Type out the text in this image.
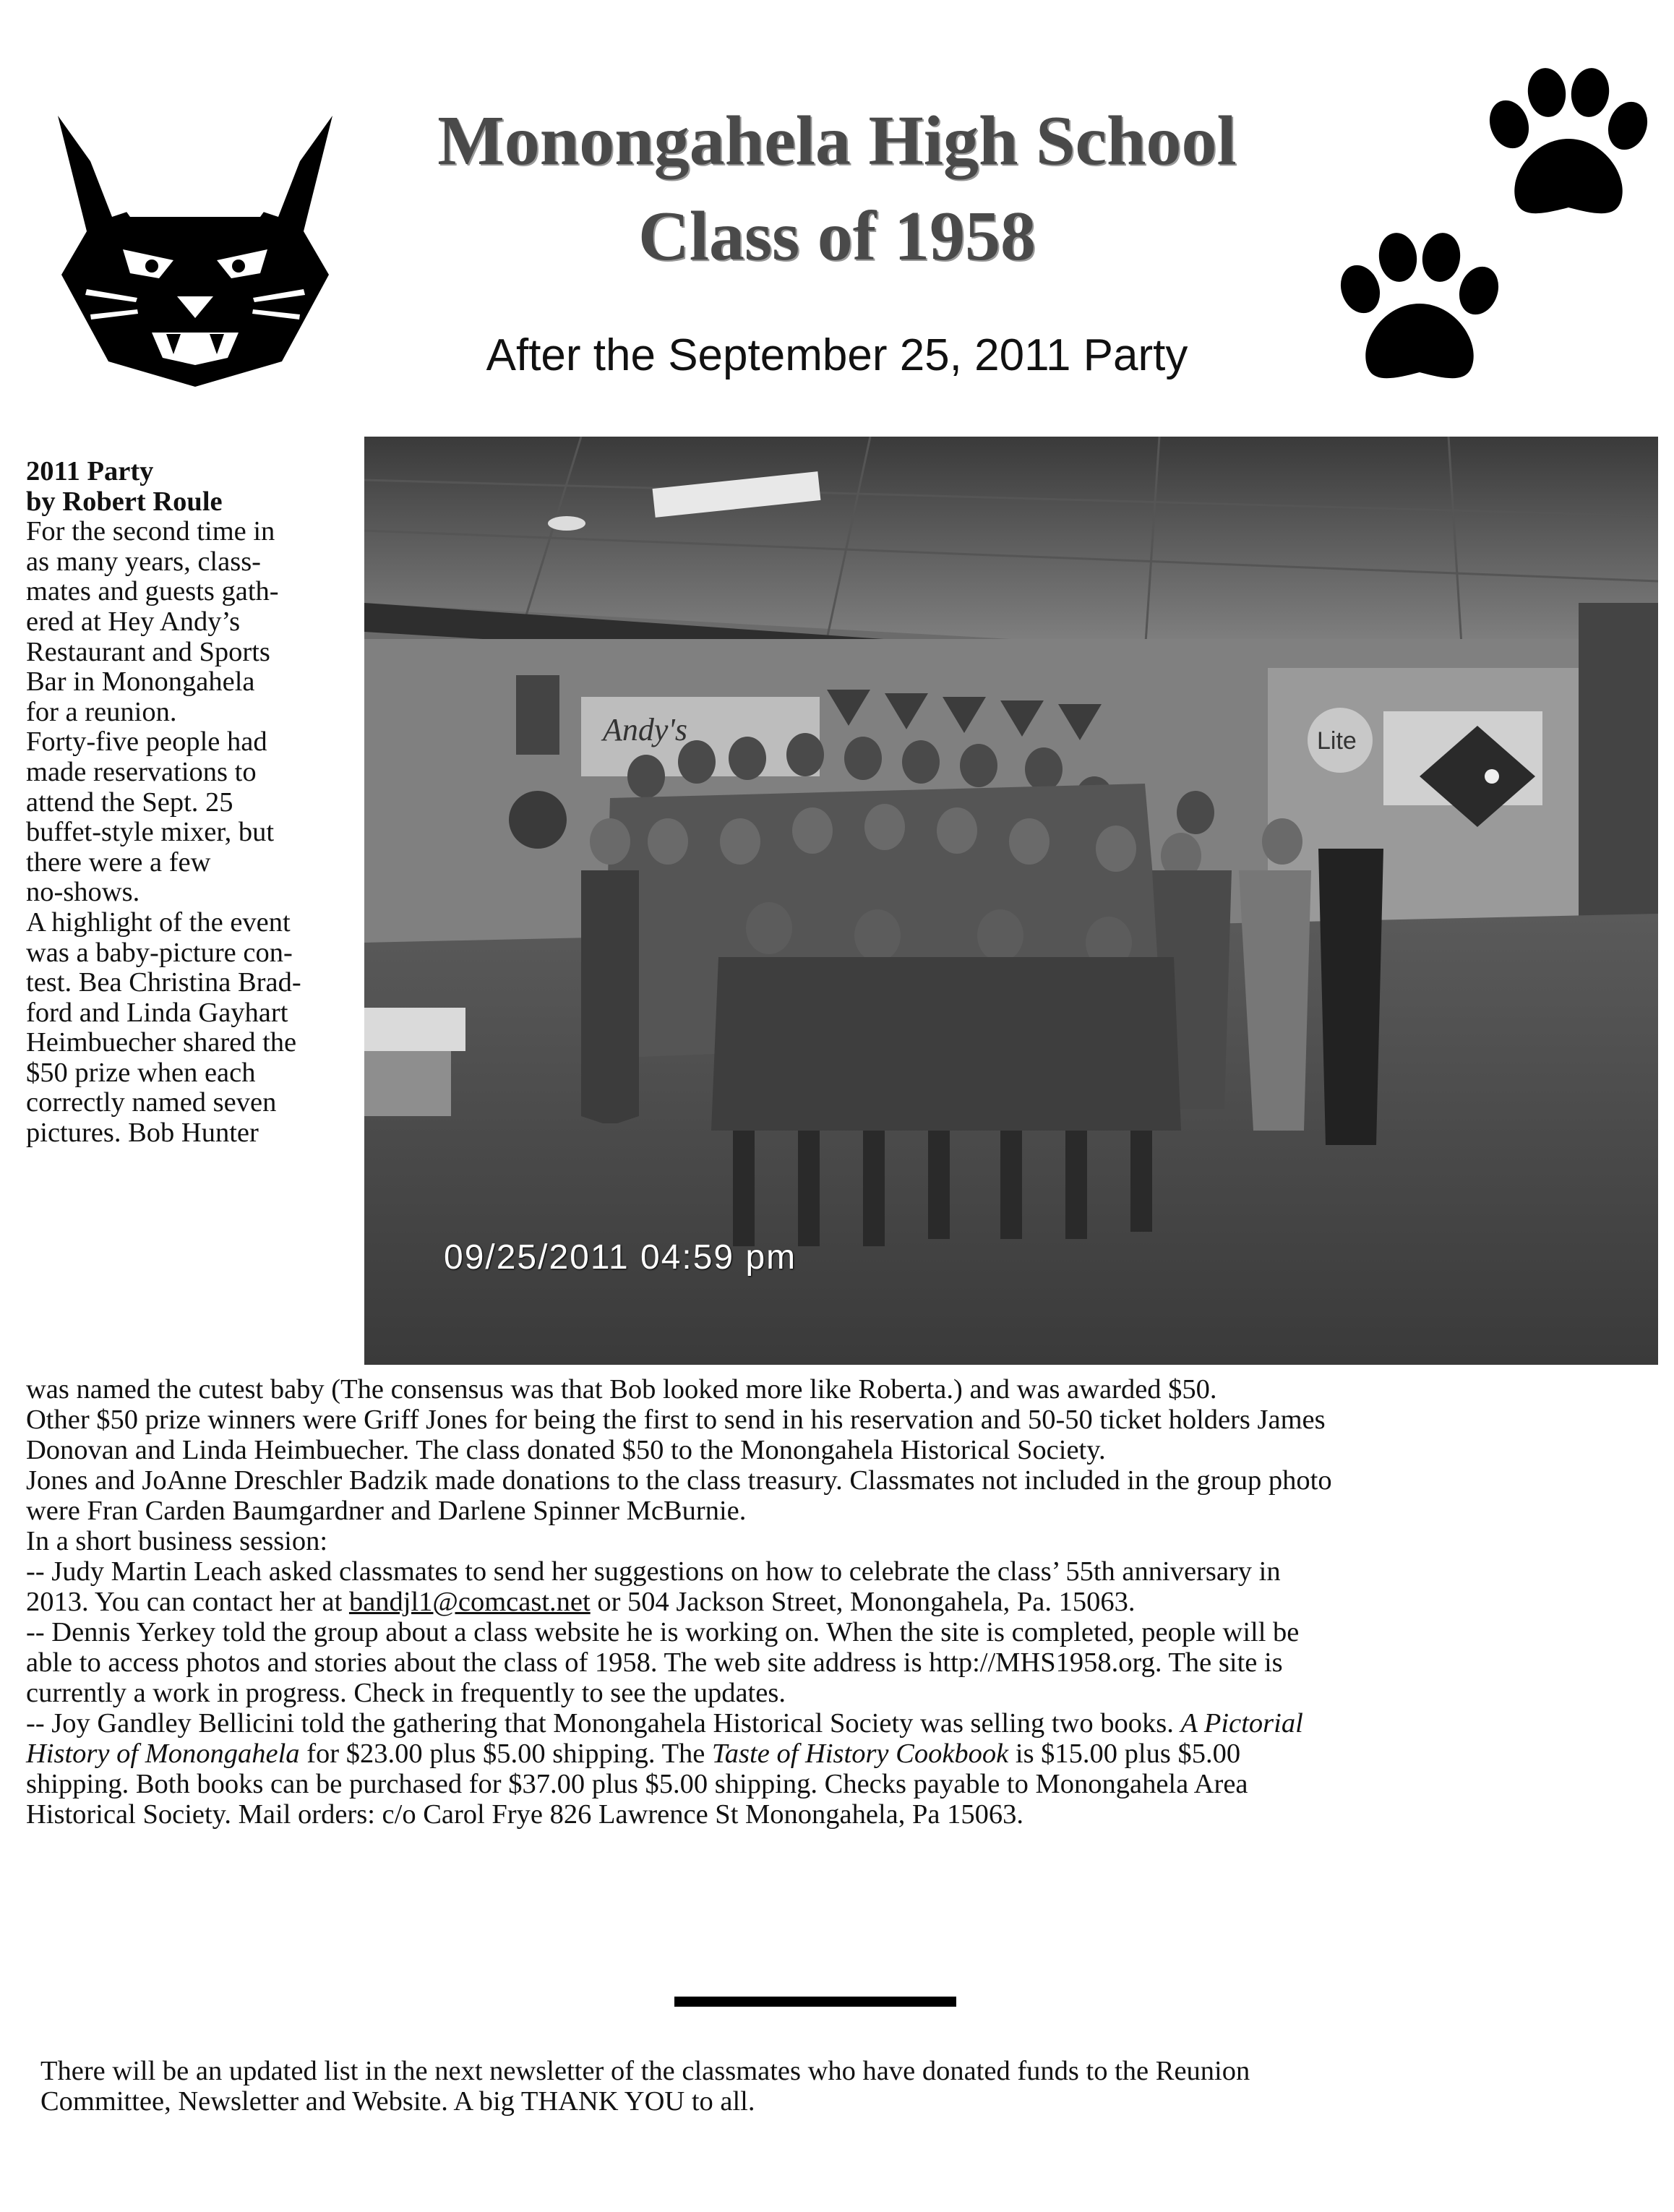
Monongahela High School
Class of 1958
After the September 25, 2011 Party
Andy's	Lite
09/25/2011 04:59 pm
2011 Party
by Robert Roule
For the second time in
as many years, class-
mates and guests gath-
ered at Hey Andy’s
Restaurant and Sports
Bar in Monongahela
for a reunion.
Forty-five people had
made reservations to
attend the Sept. 25
buffet-style mixer, but
there were a few
no-shows.
A highlight of the event
was a baby-picture con-
test. Bea Christina Brad-
ford and Linda Gayhart
Heimbuecher shared the
$50 prize when each
correctly named seven
pictures. Bob Hunter

was named the cutest baby (The consensus was that Bob looked more like Roberta.) and was awarded $50.

Other $50 prize winners were Griff Jones for being the first to send in his reservation and 50-50 ticket holders James

Donovan and Linda Heimbuecher. The class donated $50 to the Monongahela Historical Society.

Jones and JoAnne Dreschler Badzik made donations to the class treasury. Classmates not included in the group photo

were Fran Carden Baumgardner and Darlene Spinner McBurnie.

In a short business session:

-- Judy Martin Leach asked classmates to send her suggestions on how to celebrate the class’ 55th anniversary in

2013. You can contact her at bandjl1@comcast.net or 504 Jackson Street, Monongahela, Pa. 15063.

-- Dennis Yerkey told the group about a class website he is working on. When the site is completed, people will be

able to access photos and stories about the class of 1958. The web site address is http://MHS1958.org. The site is

currently a work in progress. Check in frequently to see the updates.

-- Joy Gandley Bellicini told the gathering that Monongahela Historical Society was selling two books. A Pictorial

History of Monongahela for $23.00 plus $5.00 shipping. The Taste of History Cookbook is $15.00 plus $5.00

shipping. Both books can be purchased for $37.00 plus $5.00 shipping. Checks payable to Monongahela Area

Historical Society. Mail orders: c/o Carol Frye 826 Lawrence St Monongahela, Pa 15063.

There will be an updated list in the next newsletter of the classmates who have donated funds to the Reunion
Committee, Newsletter and Website. A big THANK YOU to all.
